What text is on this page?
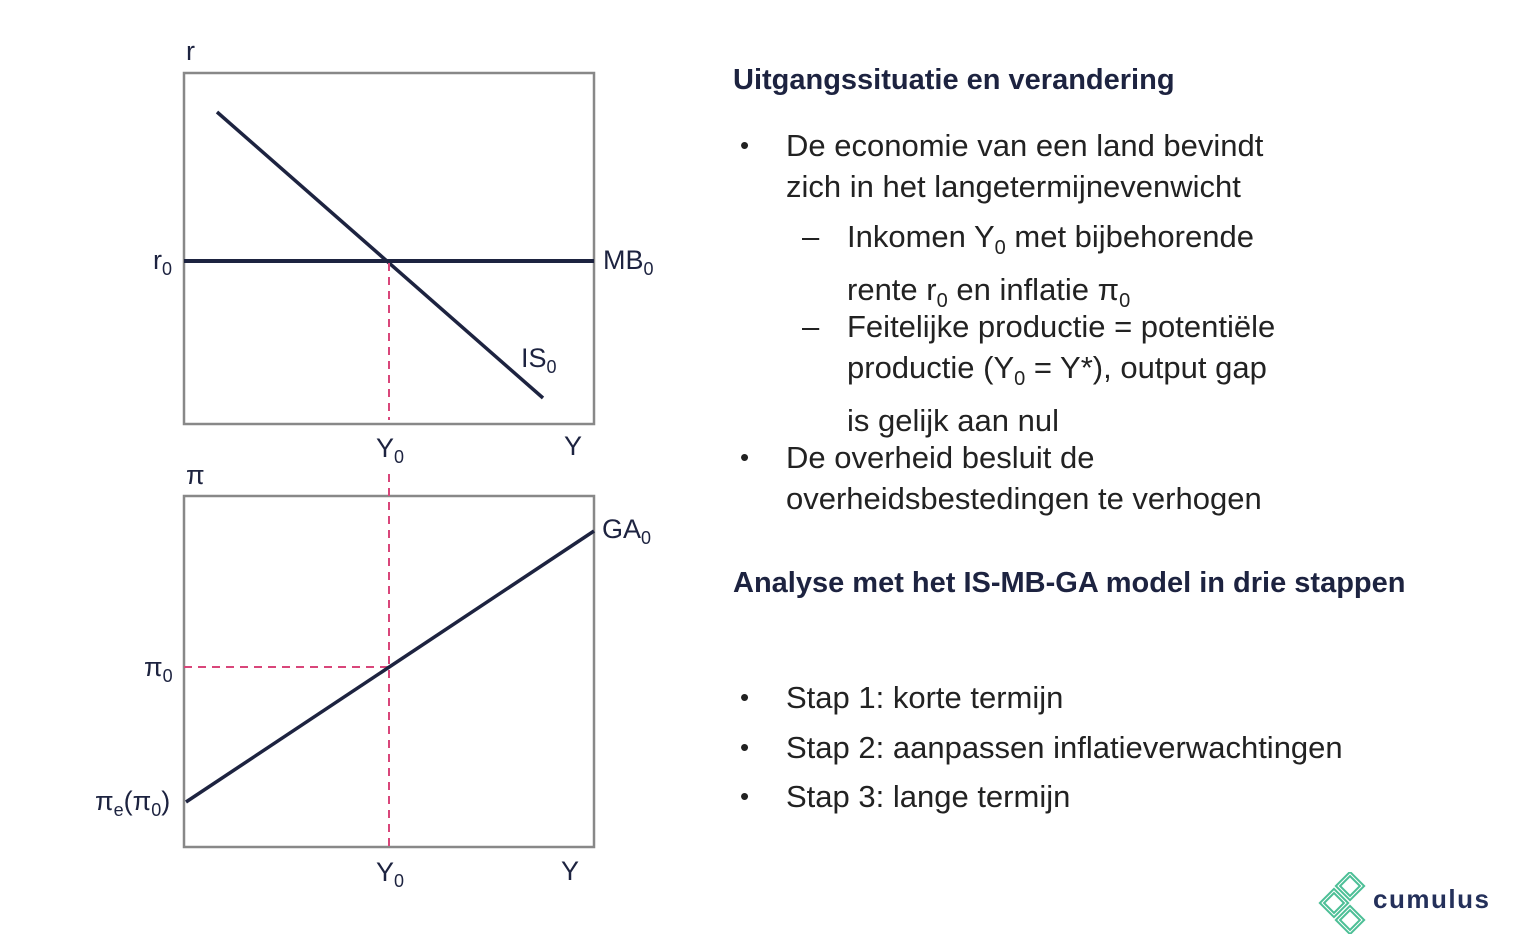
r
$r_0$	$MB_0$
$IS_0$
$Y_0$	Y
π
$GA_0$
$\pi_0$
$\pi_e(\pi_0)$
$Y_0$	Y
Uitgangssituatie en verandering
• De economie van een land bevindt
zich in het langetermijnevenwicht
– Inkomen $Y_0$ met bijbehorende
rente $r_0$ en inflatie $\pi_0$
– Feitelijke productie = potentiële
productie $(Y_0 = Y*)$, output gap
is gelijk aan nul
• De overheid besluit de
overheidsbestedingen te verhogen
Analyse met het IS-MB-GA model in drie stappen
• Stap 1: korte termijn
• Stap 2: aanpassen inflatieverwachtingen
• Stap 3: lange termijn
cumulus
